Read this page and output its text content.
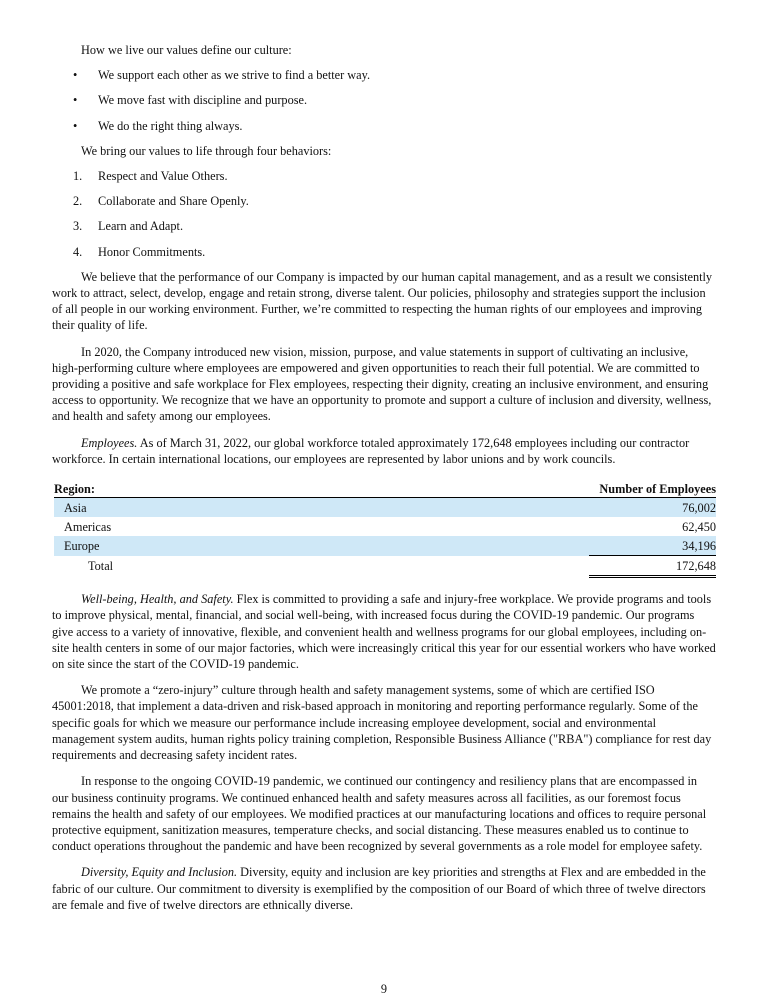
How we live our values define our culture:

•	We support each other as we strive to find a better way.
•	We move fast with discipline and purpose.
•	We do the right thing always.

We bring our values to life through four behaviors:

1.	Respect and Value Others.
2.	Collaborate and Share Openly.
3.	Learn and Adapt.
4.	Honor Commitments.

We believe that the performance of our Company is impacted by our human capital management, and as a result we consistently work to attract, select, develop, engage and retain strong, diverse talent. Our policies, philosophy and strategies support the inclusion of all people in our working environment. Further, we’re committed to respecting the human rights of our employees and improving their quality of life.

In 2020, the Company introduced new vision, mission, purpose, and value statements in support of cultivating an inclusive, high-performing culture where employees are empowered and given opportunities to reach their full potential. We are committed to providing a positive and safe workplace for Flex employees, respecting their dignity, creating an inclusive environment, and ensuring access to opportunity. We recognize that we have an opportunity to promote and support a culture of inclusion and diversity, wellness, and health and safety among our employees.

Employees. As of March 31, 2022, our global workforce totaled approximately 172,648 employees including our contractor workforce. In certain international locations, our employees are represented by labor unions and by work councils.

Region:		Number of Employees
Asia		76,002
Americas		62,450
Europe		34,196
Total		172,648

Well-being, Health, and Safety. Flex is committed to providing a safe and injury-free workplace. We provide programs and tools to improve physical, mental, financial, and social well-being, with increased focus during the COVID-19 pandemic. Our programs give access to a variety of innovative, flexible, and convenient health and wellness programs for our global employees, including on-site health centers in some of our major factories, which were increasingly critical this year for our essential workers who have worked on site since the start of the COVID-19 pandemic.

We promote a “zero-injury” culture through health and safety management systems, some of which are certified ISO 45001:2018, that implement a data-driven and risk-based approach in monitoring and reporting performance regularly. Some of the specific goals for which we measure our performance include increasing employee development, social and environmental management system audits, human rights policy training completion, Responsible Business Alliance ("RBA") compliance for rest day requirements and decreasing safety incident rates.

In response to the ongoing COVID-19 pandemic, we continued our contingency and resiliency plans that are encompassed in our business continuity programs. We continued enhanced health and safety measures across all facilities, as our foremost focus remains the health and safety of our employees. We modified practices at our manufacturing locations and offices to require personal protective equipment, sanitization measures, temperature checks, and social distancing. These measures enabled us to continue to conduct operations throughout the pandemic and have been recognized by several governments as a role model for employee safety.

Diversity, Equity and Inclusion. Diversity, equity and inclusion are key priorities and strengths at Flex and are embedded in the fabric of our culture. Our commitment to diversity is exemplified by the composition of our Board of which three of twelve directors are female and five of twelve directors are ethnically diverse.

9
